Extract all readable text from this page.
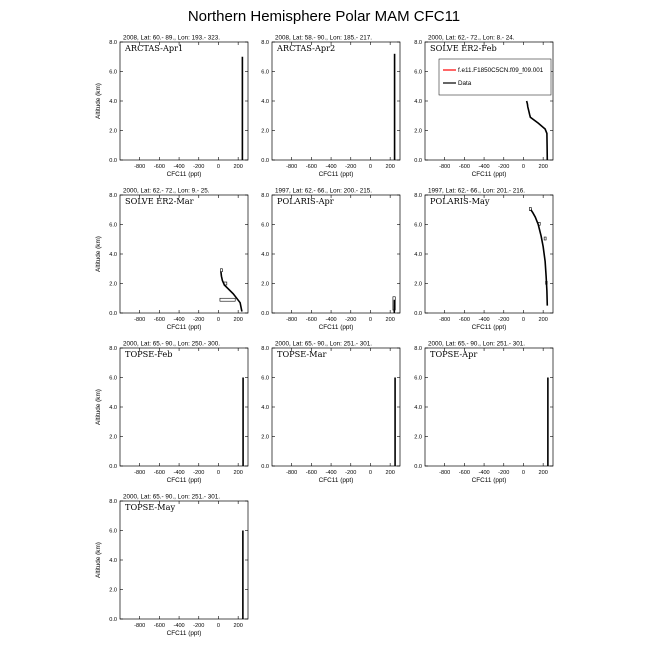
Northern Hemisphere Polar MAM CFC11
2008, Lat: 60.- 89., Lon: 193.- 323.
ARCTAS-Apr1
-800 -600 -400 -200 0 200
0.0
2.0
4.0
6.0
8.0
CFC11 (ppt)
Altitude (km)
2008, Lat: 58.- 90., Lon: 185.- 217.
ARCTAS-Apr2
-800 -600 -400 -200 0 200
0.0
2.0
4.0
6.0
8.0
CFC11 (ppt)
2000, Lat: 62.- 72., Lon: 8.- 24.
SOLVE ER2-Feb
-800 -600 -400 -200 0 200
0.0
2.0
4.0
6.0
8.0
CFC11 (ppt)
f.e11.F1850C5CN.f09_f09.001
Data
2000, Lat: 62.- 72., Lon: 9.- 25.
SOLVE ER2-Mar
-800 -600 -400 -200 0 200
0.0
2.0
4.0
6.0
8.0
CFC11 (ppt)
Altitude (km)
1997, Lat: 62.- 66., Lon: 200.- 215.
POLARIS-Apr
-800 -600 -400 -200 0 200
0.0
2.0
4.0
6.0
8.0
CFC11 (ppt)
1997, Lat: 62.- 66., Lon: 201.- 216.
POLARIS-May
-800 -600 -400 -200 0 200
0.0
2.0
4.0
6.0
8.0
CFC11 (ppt)
2000, Lat: 65.- 90., Lon: 250.- 300.
TOPSE-Feb
-800 -600 -400 -200 0 200
0.0
2.0
4.0
6.0
8.0
CFC11 (ppt)
Altitude (km)
2000, Lat: 65.- 90., Lon: 251.- 301.
TOPSE-Mar
-800 -600 -400 -200 0 200
0.0
2.0
4.0
6.0
8.0
CFC11 (ppt)
2000, Lat: 65.- 90., Lon: 251.- 301.
TOPSE-Apr
-800 -600 -400 -200 0 200
0.0
2.0
4.0
6.0
8.0
CFC11 (ppt)
2000, Lat: 65.- 90., Lon: 251.- 301.
TOPSE-May
-800 -600 -400 -200 0 200
0.0
2.0
4.0
6.0
8.0
CFC11 (ppt)
Altitude (km)
